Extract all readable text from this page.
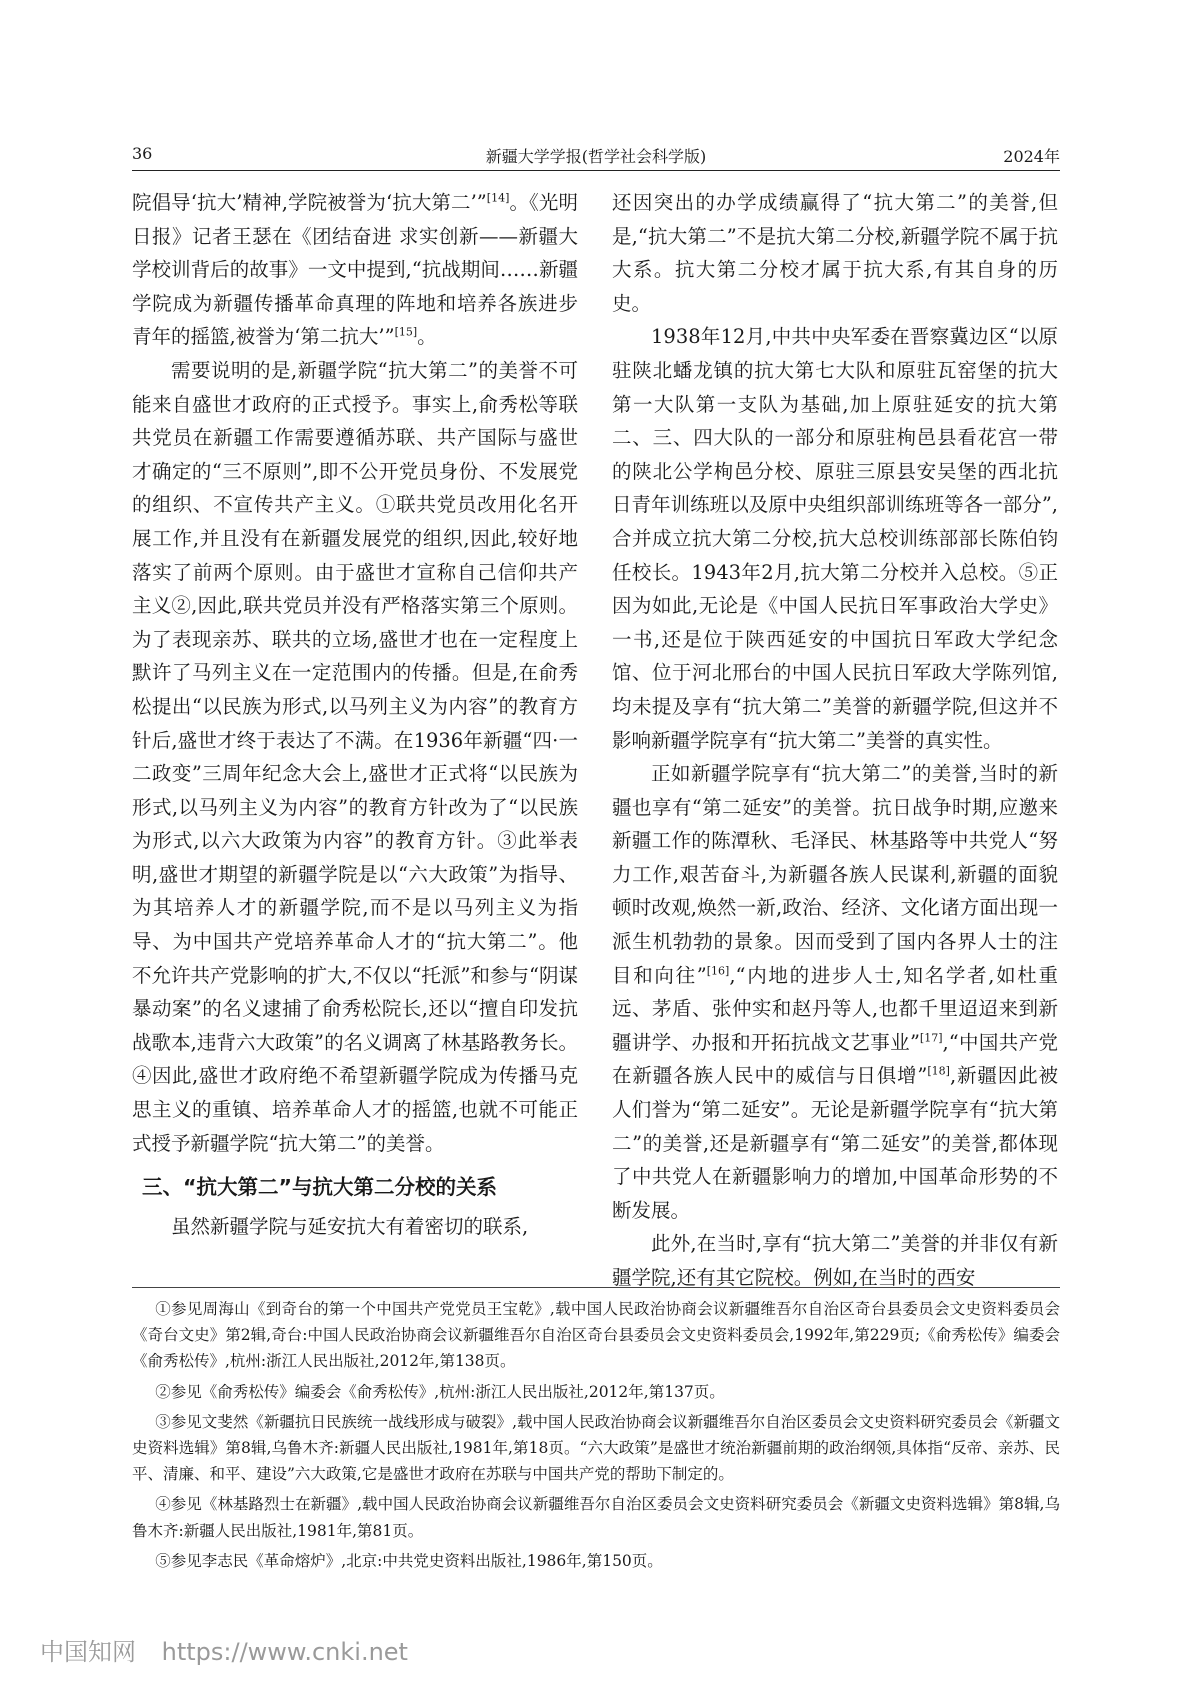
36	新疆大学学报(哲学社会科学版)	2024年

院倡导‘抗大’精神,学院被誉为‘抗大第二’”[14]。《光明日报》记者王瑟在《团结奋进 求实创新——新疆大学校训背后的故事》一文中提到,“抗战期间……新疆学院成为新疆传播革命真理的阵地和培养各族进步青年的摇篮,被誉为‘第二抗大’”[15]。

需要说明的是,新疆学院“抗大第二”的美誉不可能来自盛世才政府的正式授予。事实上,俞秀松等联共党员在新疆工作需要遵循苏联、共产国际与盛世才确定的“三不原则”,即不公开党员身份、不发展党的组织、不宣传共产主义。①联共党员改用化名开展工作,并且没有在新疆发展党的组织,因此,较好地落实了前两个原则。由于盛世才宣称自己信仰共产主义②,因此,联共党员并没有严格落实第三个原则。为了表现亲苏、联共的立场,盛世才也在一定程度上默许了马列主义在一定范围内的传播。但是,在俞秀松提出“以民族为形式,以马列主义为内容”的教育方针后,盛世才终于表达了不满。在1936年新疆“四·一二政变”三周年纪念大会上,盛世才正式将“以民族为形式,以马列主义为内容”的教育方针改为了“以民族为形式,以六大政策为内容”的教育方针。③此举表明,盛世才期望的新疆学院是以“六大政策”为指导、为其培养人才的新疆学院,而不是以马列主义为指导、为中国共产党培养革命人才的“抗大第二”。他不允许共产党影响的扩大,不仅以“托派”和参与“阴谋暴动案”的名义逮捕了俞秀松院长,还以“擅自印发抗战歌本,违背六大政策”的名义调离了林基路教务长。④因此,盛世才政府绝不希望新疆学院成为传播马克思主义的重镇、培养革命人才的摇篮,也就不可能正式授予新疆学院“抗大第二”的美誉。

三、“抗大第二”与抗大第二分校的关系

虽然新疆学院与延安抗大有着密切的联系,

还因突出的办学成绩赢得了“抗大第二”的美誉,但是,“抗大第二”不是抗大第二分校,新疆学院不属于抗大系。抗大第二分校才属于抗大系,有其自身的历史。

1938年12月,中共中央军委在晋察冀边区“以原驻陕北蟠龙镇的抗大第七大队和原驻瓦窑堡的抗大第一大队第一支队为基础,加上原驻延安的抗大第二、三、四大队的一部分和原驻栒邑县看花宫一带的陕北公学栒邑分校、原驻三原县安吴堡的西北抗日青年训练班以及原中央组织部训练班等各一部分”,合并成立抗大第二分校,抗大总校训练部部长陈伯钧任校长。1943年2月,抗大第二分校并入总校。⑤正因为如此,无论是《中国人民抗日军事政治大学史》一书,还是位于陕西延安的中国抗日军政大学纪念馆、位于河北邢台的中国人民抗日军政大学陈列馆,均未提及享有“抗大第二”美誉的新疆学院,但这并不影响新疆学院享有“抗大第二”美誉的真实性。

正如新疆学院享有“抗大第二”的美誉,当时的新疆也享有“第二延安”的美誉。抗日战争时期,应邀来新疆工作的陈潭秋、毛泽民、林基路等中共党人“努力工作,艰苦奋斗,为新疆各族人民谋利,新疆的面貌顿时改观,焕然一新,政治、经济、文化诸方面出现一派生机勃勃的景象。因而受到了国内各界人士的注目和向往”[16],“内地的进步人士,知名学者,如杜重远、茅盾、张仲实和赵丹等人,也都千里迢迢来到新疆讲学、办报和开拓抗战文艺事业”[17],“中国共产党在新疆各族人民中的威信与日俱增”[18],新疆因此被人们誉为“第二延安”。无论是新疆学院享有“抗大第二”的美誉,还是新疆享有“第二延安”的美誉,都体现了中共党人在新疆影响力的增加,中国革命形势的不断发展。

此外,在当时,享有“抗大第二”美誉的并非仅有新疆学院,还有其它院校。例如,在当时的西安

①参见周海山《到奇台的第一个中国共产党党员王宝乾》,载中国人民政治协商会议新疆维吾尔自治区奇台县委员会文史资料委员会《奇台文史》第2辑,奇台:中国人民政治协商会议新疆维吾尔自治区奇台县委员会文史资料委员会,1992年,第229页;《俞秀松传》编委会《俞秀松传》,杭州:浙江人民出版社,2012年,第138页。

②参见《俞秀松传》编委会《俞秀松传》,杭州:浙江人民出版社,2012年,第137页。

③参见文斐然《新疆抗日民族统一战线形成与破裂》,载中国人民政治协商会议新疆维吾尔自治区委员会文史资料研究委员会《新疆文史资料选辑》第8辑,乌鲁木齐:新疆人民出版社,1981年,第18页。“六大政策”是盛世才统治新疆前期的政治纲领,具体指“反帝、亲苏、民平、清廉、和平、建设”六大政策,它是盛世才政府在苏联与中国共产党的帮助下制定的。

④参见《林基路烈士在新疆》,载中国人民政治协商会议新疆维吾尔自治区委员会文史资料研究委员会《新疆文史资料选辑》第8辑,乌鲁木齐:新疆人民出版社,1981年,第81页。

⑤参见李志民《革命熔炉》,北京:中共党史资料出版社,1986年,第150页。

中国知网 https://www.cnki.net
